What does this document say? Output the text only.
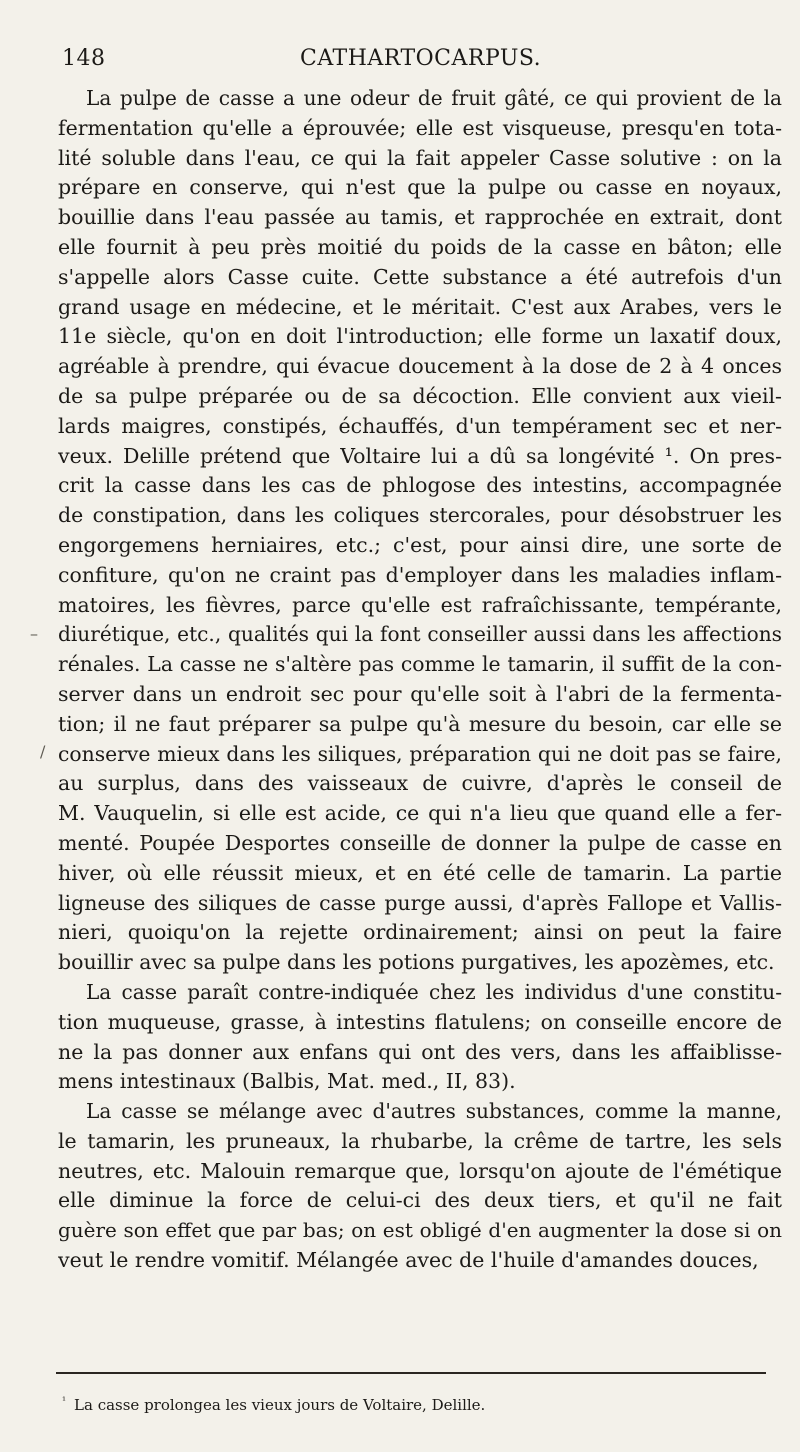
148	CATHARTOCARPUS.
La pulpe de casse a une odeur de fruit gâté, ce qui provient de la
fermentation qu'elle a éprouvée; elle est visqueuse, presqu'en tota-
lité soluble dans l'eau, ce qui la fait appeler Casse solutive : on la
prépare en conserve, qui n'est que la pulpe ou casse en noyaux,
bouillie dans l'eau passée au tamis, et rapprochée en extrait, dont
elle fournit à peu près moitié du poids de la casse en bâton; elle
s'appelle alors Casse cuite. Cette substance a été autrefois d'un
grand usage en médecine, et le méritait. C'est aux Arabes, vers le
11e siècle, qu'on en doit l'introduction; elle forme un laxatif doux,
agréable à prendre, qui évacue doucement à la dose de 2 à 4 onces
de sa pulpe préparée ou de sa décoction. Elle convient aux vieil-
lards maigres, constipés, échauffés, d'un tempérament sec et ner-
veux. Delille prétend que Voltaire lui a dû sa longévité ¹. On pres-
crit la casse dans les cas de phlogose des intestins, accompagnée
de constipation, dans les coliques stercorales, pour désobstruer les
engorgemens herniaires, etc.; c'est, pour ainsi dire, une sorte de
confiture, qu'on ne craint pas d'employer dans les maladies inflam-
matoires, les fièvres, parce qu'elle est rafraîchissante, tempérante,
diurétique, etc., qualités qui la font conseiller aussi dans les affections
rénales. La casse ne s'altère pas comme le tamarin, il suffit de la con-
server dans un endroit sec pour qu'elle soit à l'abri de la fermenta-
tion; il ne faut préparer sa pulpe qu'à mesure du besoin, car elle se
conserve mieux dans les siliques, préparation qui ne doit pas se faire,
au surplus, dans des vaisseaux de cuivre, d'après le conseil de
M. Vauquelin, si elle est acide, ce qui n'a lieu que quand elle a fer-
menté. Poupée Desportes conseille de donner la pulpe de casse en
hiver, où elle réussit mieux, et en été celle de tamarin. La partie
ligneuse des siliques de casse purge aussi, d'après Fallope et Vallis-
nieri, quoiqu'on la rejette ordinairement; ainsi on peut la faire
bouillir avec sa pulpe dans les potions purgatives, les apozèmes, etc.
La casse paraît contre-indiquée chez les individus d'une constitu-
tion muqueuse, grasse, à intestins flatulens; on conseille encore de
ne la pas donner aux enfans qui ont des vers, dans les affaiblisse-
mens intestinaux (Balbis, Mat. med., II, 83).
La casse se mélange avec d'autres substances, comme la manne,
le tamarin, les pruneaux, la rhubarbe, la crême de tartre, les sels
neutres, etc. Malouin remarque que, lorsqu'on ajoute de l'émétique
elle diminue la force de celui-ci des deux tiers, et qu'il ne fait
guère son effet que par bas; on est obligé d'en augmenter la dose si on
veut le rendre vomitif. Mélangée avec de l'huile d'amandes douces,
$^{^1}$ La casse prolongea les vieux jours de Voltaire, Delille.
–
/
